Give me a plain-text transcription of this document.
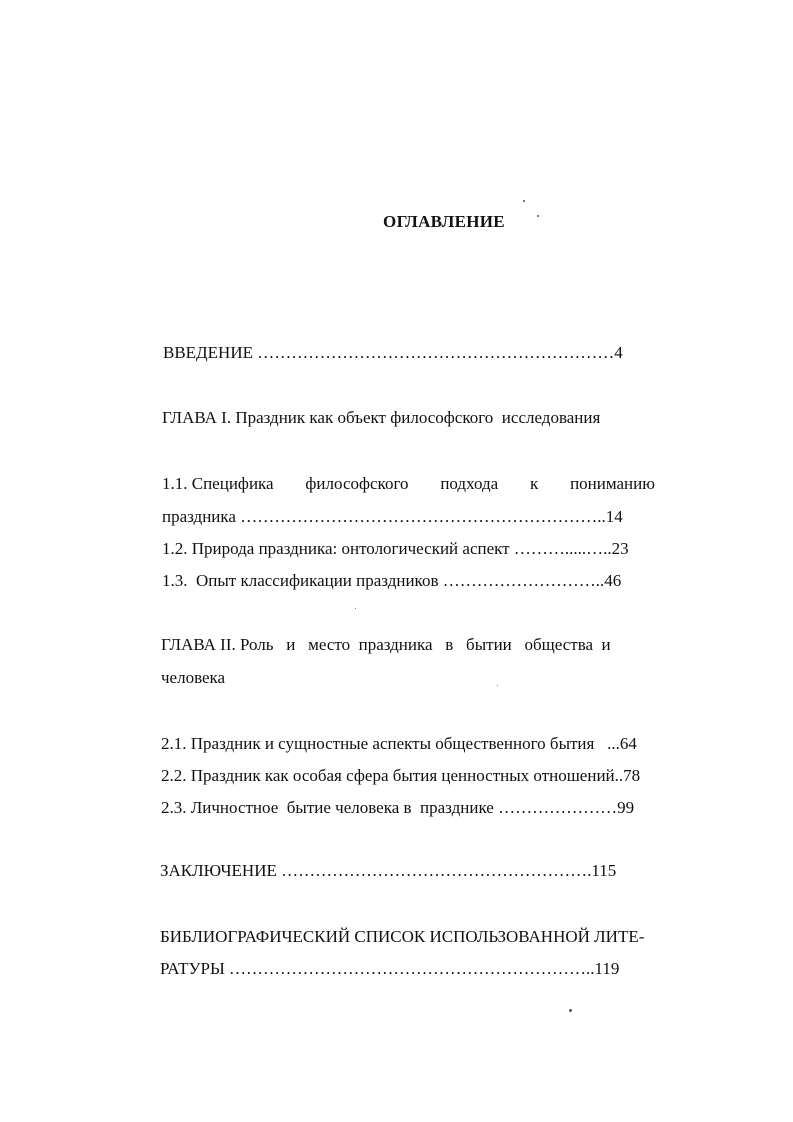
ОГЛАВЛЕНИЕ
ВВЕДЕНИЕ ………………………………………………………4
ГЛАВА I. Праздник как объект философского  исследования
1.1. Специфика философского подхода к пониманию
праздника ………………………………………………………..14
1.2. Природа праздника: онтологический аспект ……….....…..23
1.3.  Опыт классификации праздников ………………………..46
ГЛАВА II. Роль   и   место  праздника   в   бытии   общества  и
человека
2.1. Праздник и сущностные аспекты общественного бытия   ...64
2.2. Праздник как особая сфера бытия ценностных отношений..78
2.3. Личностное  бытие человека в  празднике …………………99
ЗАКЛЮЧЕНИЕ ……………………………………………….115
БИБЛИОГРАФИЧЕСКИЙ СПИСОК ИСПОЛЬЗОВАННОЙ ЛИТЕ-
РАТУРЫ ………………………………………………………..119
